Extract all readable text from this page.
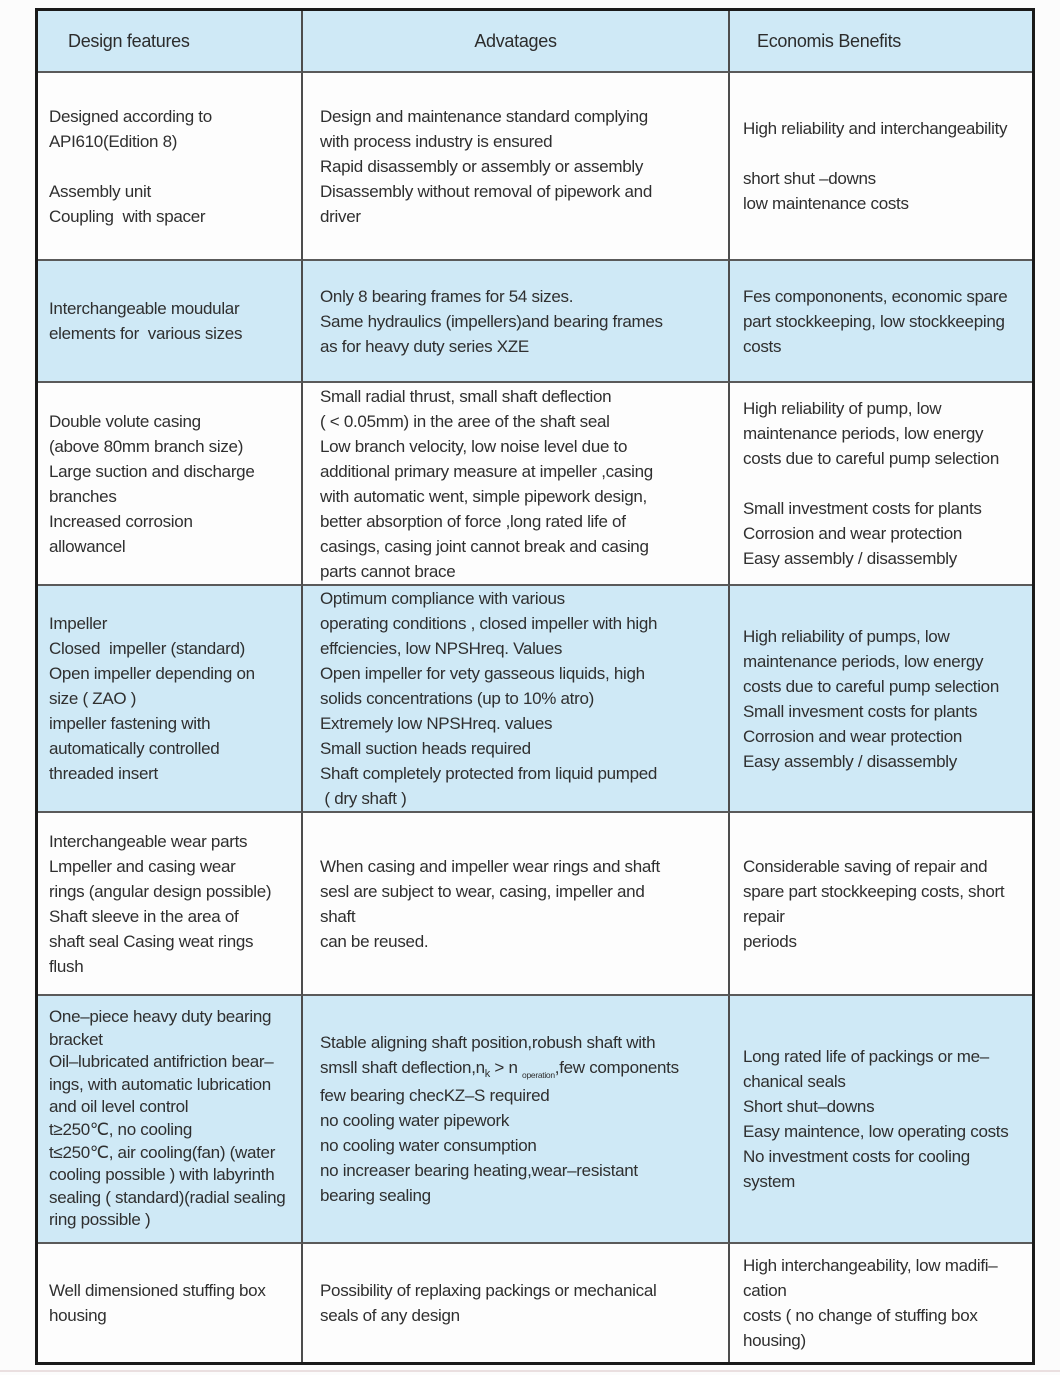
Design features	Advatages	Economis Benefits
Designed according to
API610(Edition 8)

Assembly unit
Coupling  with spacer
Design and maintenance standard complying
with process industry is ensured
Rapid disassembly or assembly or assembly
Disassembly without removal of pipework and
driver
High reliability and interchangeability

short shut –downs
low maintenance costs
Interchangeable moudular
elements for  various sizes
Only 8 bearing frames for 54 sizes.
Same hydraulics (impellers)and bearing frames
as for heavy duty series XZE
Fes compononents, economic spare
part stockkeeping, low stockkeeping
costs
Double volute casing
(above 80mm branch size)
Large suction and discharge
branches
Increased corrosion
allowancel
Small radial thrust, small shaft deflection
( < 0.05mm) in the aree of the shaft seal
Low branch velocity, low noise level due to
additional primary measure at impeller ,casing
with automatic went, simple pipework design,
better absorption of force ,long rated life of
casings, casing joint cannot break and casing
parts cannot brace
High reliability of pump, low
maintenance periods, low energy
costs due to careful pump selection

Small investment costs for plants
Corrosion and wear protection
Easy assembly / disassembly
Impeller
Closed  impeller (standard)
Open impeller depending on
size ( ZAO )
impeller fastening with
automatically controlled
threaded insert
Optimum compliance with various
operating conditions , closed impeller with high
effciencies, low NPSHreq. Values
Open impeller for vety gasseous liquids, high
solids concentrations (up to 10% atro)
Extremely low NPSHreq. values
Small suction heads required
Shaft completely protected from liquid pumped
( dry shaft )
High reliability of pumps, low
maintenance periods, low energy
costs due to careful pump selection
Small invesment costs for plants
Corrosion and wear protection
Easy assembly / disassembly
Interchangeable wear parts
Lmpeller and casing wear
rings (angular design possible)
Shaft sleeve in the area of
shaft seal Casing weat rings
flush
When casing and impeller wear rings and shaft
sesl are subject to wear, casing, impeller and
shaft
can be reused.
Considerable saving of repair and
spare part stockkeeping costs, short
repair
periods
One–piece heavy duty bearing
bracket
Oil–lubricated antifriction bear–
ings, with automatic lubrication
and oil level control
t≥250℃, no cooling
t≤250℃, air cooling(fan) (water
cooling possible ) with labyrinth
sealing ( standard)(radial sealing
ring possible )
Stable aligning shaft position,robush shaft with
smsll shaft $deflection,n_k > n$ $_{operation}$,few components
few bearing checKZ–S required
no cooling water pipework
no cooling water consumption
no increaser bearing heating,wear–resistant
bearing sealing
Long rated life of packings or me–
chanical seals
Short shut–downs
Easy maintence, low operating costs
No investment costs for cooling
system
Well dimensioned stuffing box
housing
Possibility of replaxing packings or mechanical
seals of any design
High interchangeability, low madifi–
cation
costs ( no change of stuffing box
housing)
